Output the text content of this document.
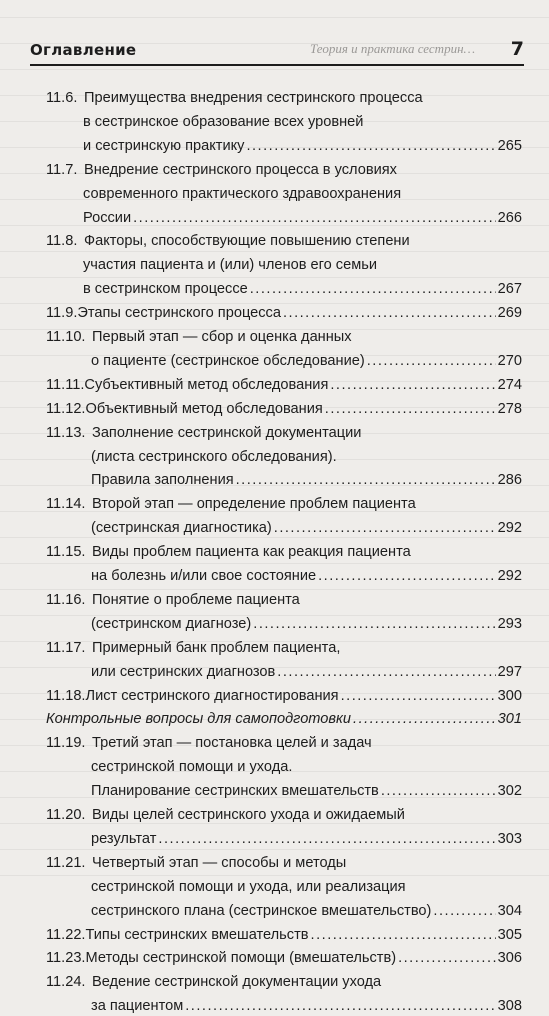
Оглавление	Теория и практика сестрин… 7
11.6. Преимущества внедрения сестринского процесса
в сестринское образование всех уровней
и сестринскую практику .....	265
11.7. Внедрение сестринского процесса в условиях
современного практического здравоохранения
России .....	266
11.8. Факторы, способствующие повышению степени
участия пациента и (или) членов его семьи
в сестринском процессе .....	267
11.9. Этапы сестринского процесса .....	269
11.10. Первый этап — сбор и оценка данных
о пациенте (сестринское обследование) .....	270
11.11. Субъективный метод обследования .....	274
11.12. Объективный метод обследования .....	278
11.13. Заполнение сестринской документации
(листа сестринского обследования).
Правила заполнения .....	286
11.14. Второй этап — определение проблем пациента
(сестринская диагностика) .....	292
11.15. Виды проблем пациента как реакция пациента
на болезнь и/или свое состояние .....	292
11.16. Понятие о проблеме пациента
(сестринском диагнозе) .....	293
11.17. Примерный банк проблем пациента,
или сестринских диагнозов .....	297
11.18. Лист сестринского диагностирования .....	300
Контрольные вопросы для самоподготовки .....	301
11.19. Третий этап — постановка целей и задач
сестринской помощи и ухода.
Планирование сестринских вмешательств .....	302
11.20. Виды целей сестринского ухода и ожидаемый
результат .....	303
11.21. Четвертый этап — способы и методы
сестринской помощи и ухода, или реализация
сестринского плана (сестринское вмешательство) .....	304
11.22. Типы сестринских вмешательств .....	305
11.23. Методы сестринской помощи (вмешательств) .....	306
11.24. Ведение сестринской документации ухода
за пациентом .....	308
